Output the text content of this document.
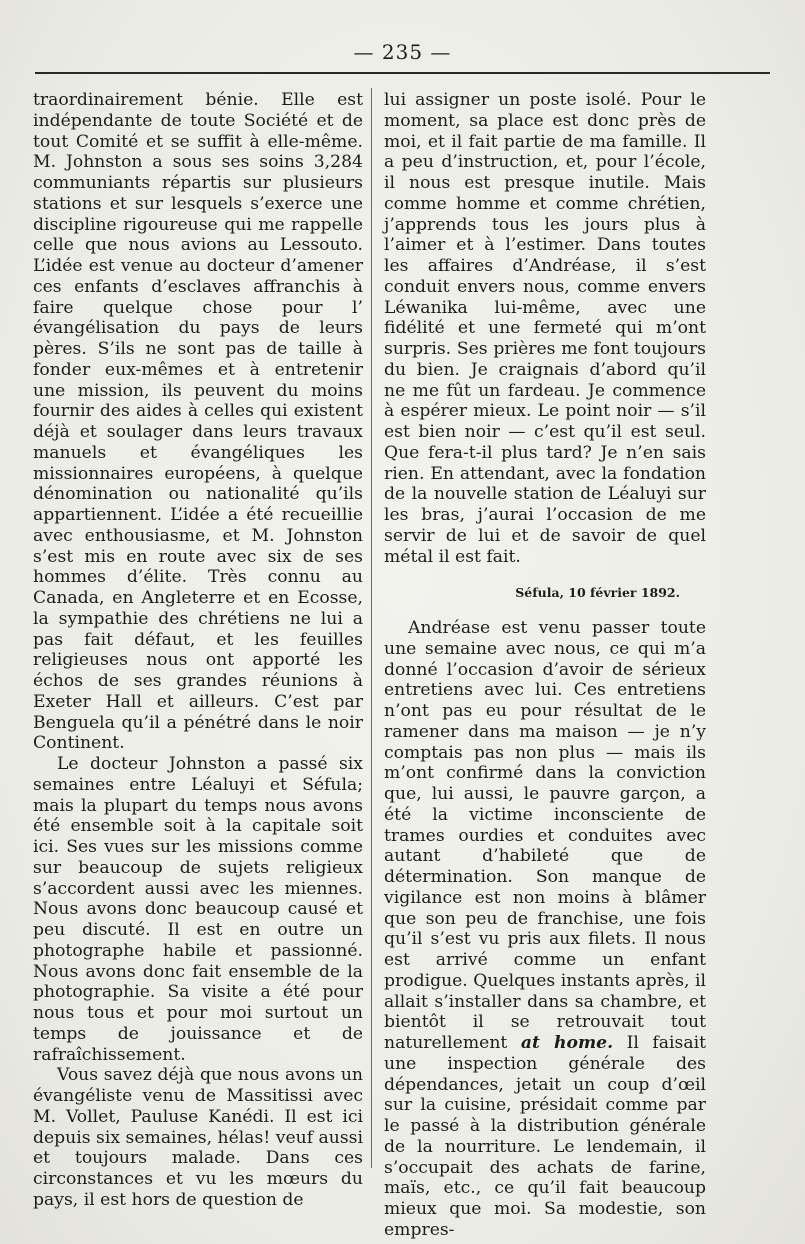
— 235 —

traordinairement bénie. Elle est indépendante de toute Société et de tout Comité et se suffit à elle-même. M. Johnston a sous ses soins 3,284 communiants répartis sur plusieurs stations et sur lesquels s’exerce une discipline rigoureuse qui me rappelle celle que nous avions au Lessouto. L’idée est venue au docteur d’amener ces enfants d’esclaves affranchis à faire quelque chose pour l’ évangélisation du pays de leurs pères. S’ils ne sont pas de taille à fonder eux-mêmes et à entretenir une mission, ils peuvent du moins fournir des aides à celles qui existent déjà et soulager dans leurs travaux manuels et évangéliques les missionnaires européens, à quelque dénomination ou nationalité qu’ils appartiennent. L’idée a été recueillie avec enthousiasme, et M. Johnston s’est mis en route avec six de ses hommes d’élite. Très connu au Canada, en Angleterre et en Ecosse, la sympathie des chrétiens ne lui a pas fait défaut, et les feuilles religieuses nous ont apporté les échos de ses grandes réunions à Exeter Hall et ailleurs. C’est par Benguela qu’il a pénétré dans le noir Continent.

Le docteur Johnston a passé six semaines entre Léaluyi et Séfula; mais la plupart du temps nous avons été ensemble soit à la capitale soit ici. Ses vues sur les missions comme sur beaucoup de sujets religieux s’accordent aussi avec les miennes. Nous avons donc beaucoup causé et peu discuté. Il est en outre un photographe habile et passionné. Nous avons donc fait ensemble de la photographie. Sa visite a été pour nous tous et pour moi surtout un temps de jouissance et de rafraîchissement.

Vous savez déjà que nous avons un évangéliste venu de Massitissi avec M. Vollet, Pauluse Kanédi. Il est ici depuis six semaines, hélas! veuf aussi et toujours malade. Dans ces circonstances et vu les mœurs du pays, il est hors de question de

lui assigner un poste isolé. Pour le moment, sa place est donc près de moi, et il fait partie de ma famille. Il a peu d’instruction, et, pour l’école, il nous est presque inutile. Mais comme homme et comme chrétien, j’apprends tous les jours plus à l’aimer et à l’estimer. Dans toutes les affaires d’Andréase, il s’est conduit envers nous, comme envers Léwanika lui-même, avec une fidélité et une fermeté qui m’ont surpris. Ses prières me font toujours du bien. Je craignais d’abord qu’il ne me fût un fardeau. Je commence à espérer mieux. Le point noir — s’il est bien noir — c’est qu’il est seul. Que fera-t-il plus tard? Je n’en sais rien. En attendant, avec la fondation de la nouvelle station de Léaluyi sur les bras, j’aurai l’occasion de me servir de lui et de savoir de quel métal il est fait.

Séfula, 10 février 1892.

Andréase est venu passer toute une semaine avec nous, ce qui m’a donné l’occasion d’avoir de sérieux entretiens avec lui. Ces entretiens n’ont pas eu pour résultat de le ramener dans ma maison — je n’y comptais pas non plus — mais ils m’ont confirmé dans la conviction que, lui aussi, le pauvre garçon, a été la victime inconsciente de trames ourdies et conduites avec autant d’habileté que de détermination. Son manque de vigilance est non moins à blâmer que son peu de franchise, une fois qu’il s’est vu pris aux filets. Il nous est arrivé comme un enfant prodigue. Quelques instants après, il allait s’installer dans sa chambre, et bientôt il se retrouvait tout naturellement at home. Il faisait une inspection générale des dépendances, jetait un coup d’œil sur la cuisine, présidait comme par le passé à la distribution générale de la nourriture. Le lendemain, il s’occupait des achats de farine, maïs, etc., ce qu’il fait beaucoup mieux que moi. Sa modestie, son empres-
